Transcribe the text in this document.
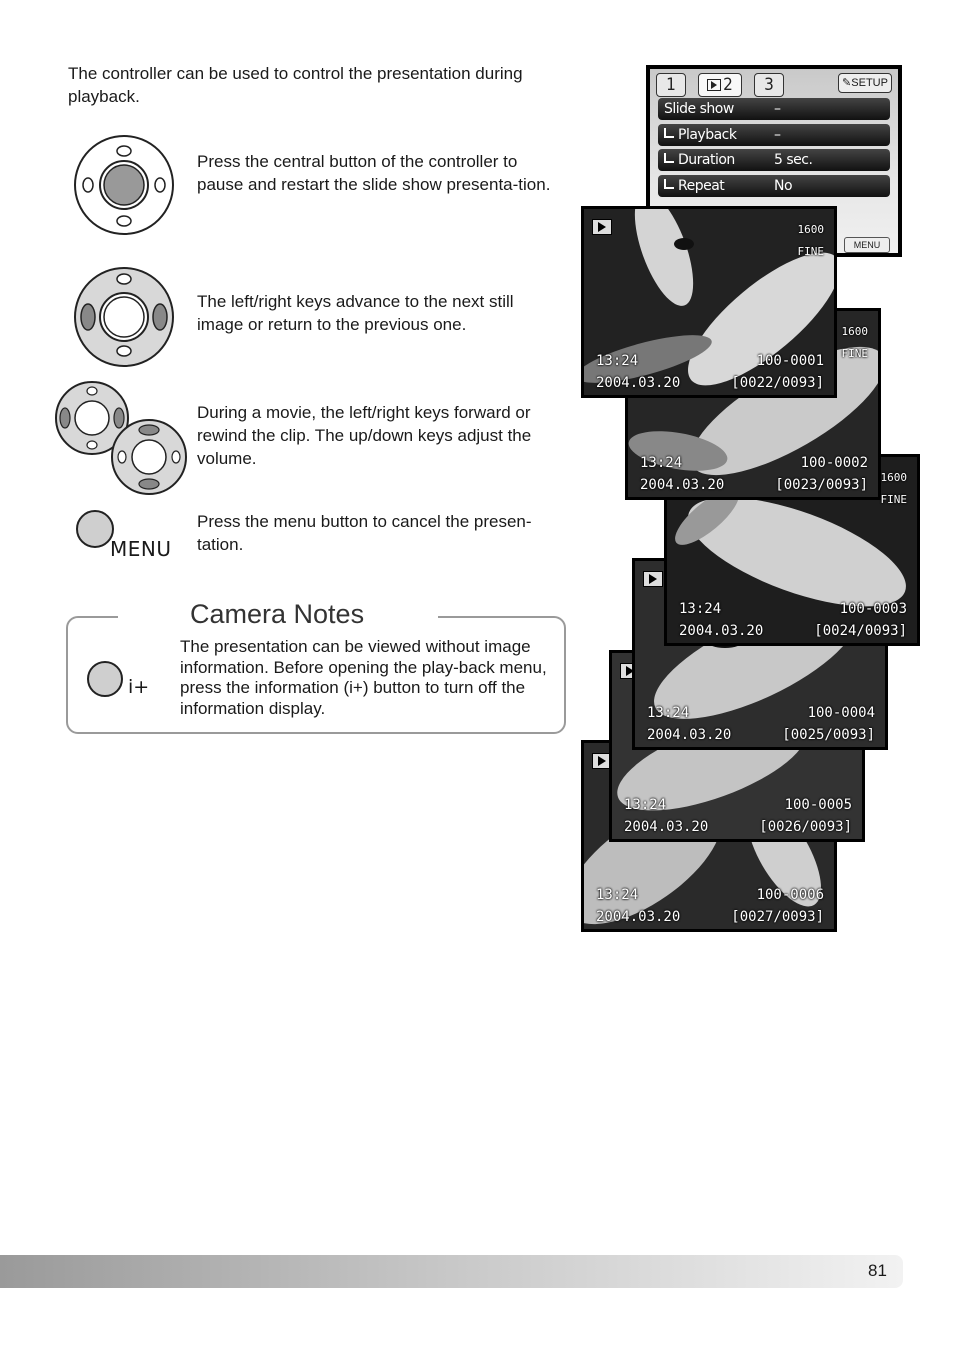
The controller can be used to control the presentation during playback.
Press the central button of the controller to pause and restart the slide show presenta-tion.
The left/right keys advance to the next still image or return to the previous one.
During a movie, the left/right keys forward or rewind the clip. The up/down keys adjust the volume.
MENU
Press the menu button to cancel the presen-tation.
Camera Notes
i+
The presentation can be viewed without image information. Before opening the play-back menu, press the information (i+) button to turn off the information display.
1	2	3	✎SETUP
Slide show	–
Playback	–
Duration	5 sec.
Repeat	No
MENU
13:24
2004.03.20
100-0006
[0027/0093]
13:24
2004.03.20
100-0005
[0026/0093]
13:24
2004.03.20
100-0004
[0025/0093]
1600
FINE
13:24
2004.03.20
100-0003
[0024/0093]
1600
FINE
13:24
2004.03.20
100-0002
[0023/0093]
1600
FINE
13:24
2004.03.20
100-0001
[0022/0093]
81
